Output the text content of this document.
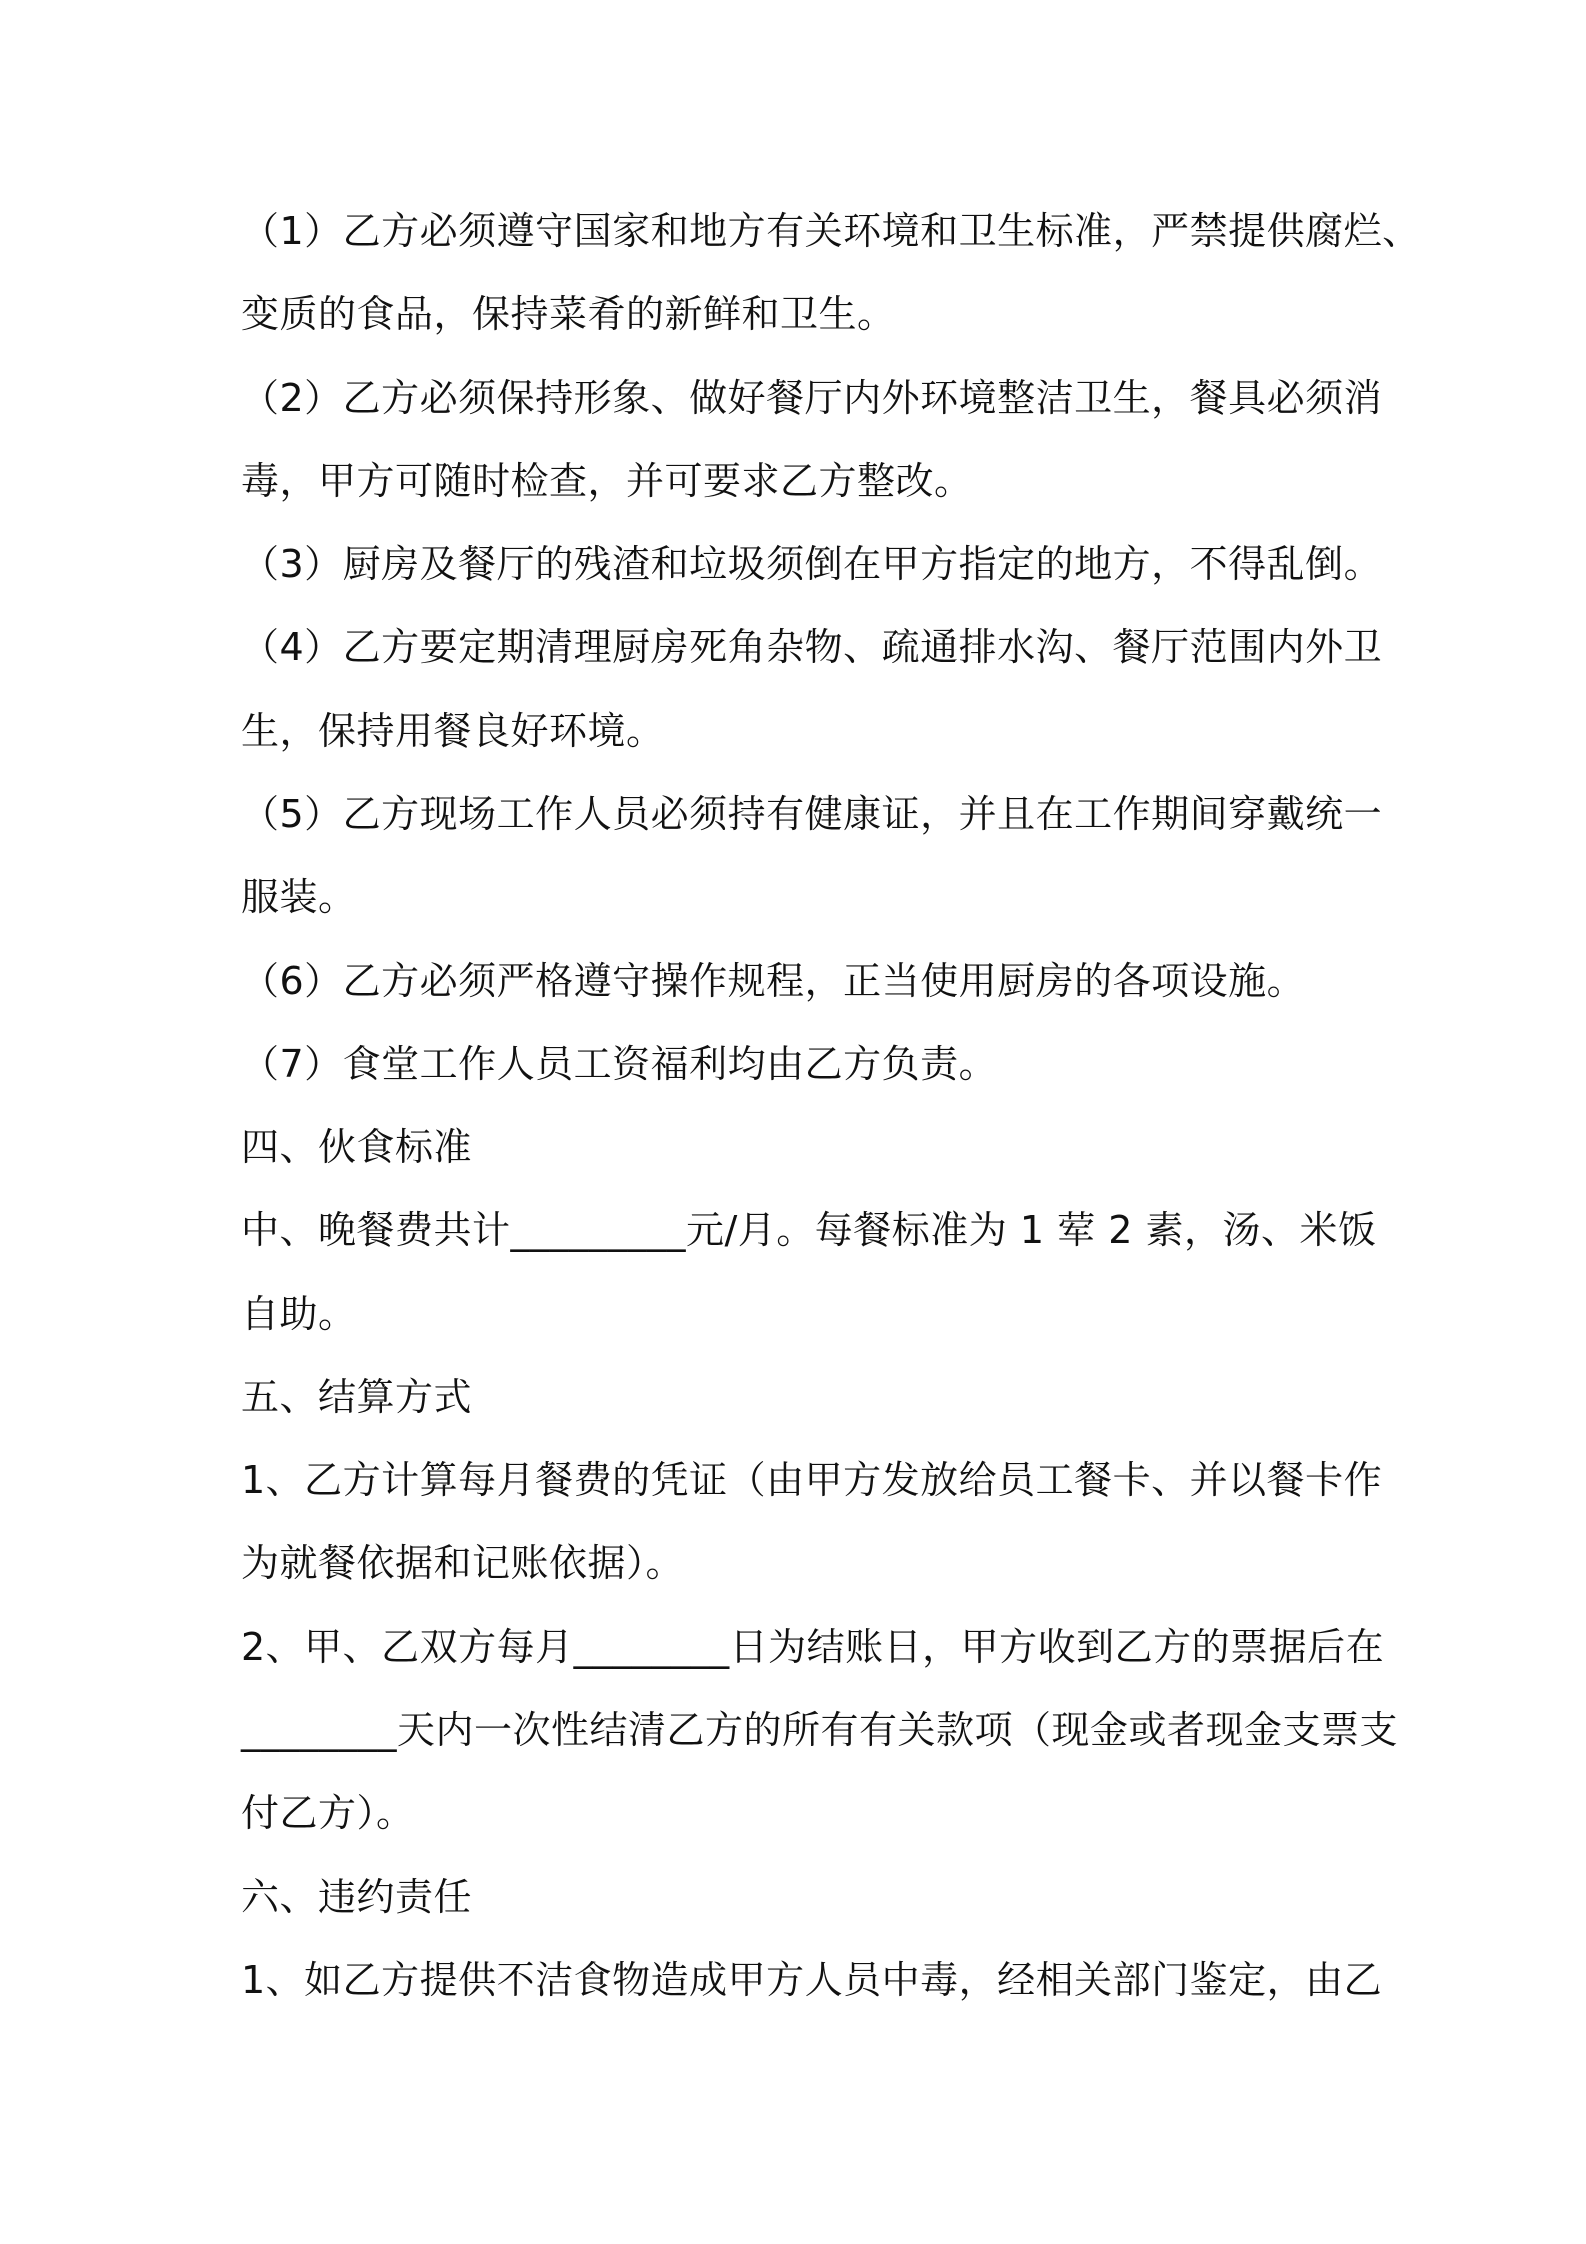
（1）乙方必须遵守国家和地方有关环境和卫生标准，严禁提供腐烂、
变质的食品，保持菜肴的新鲜和卫生。
（2）乙方必须保持形象、做好餐厅内外环境整洁卫生，餐具必须消
毒，甲方可随时检查，并可要求乙方整改。
（3）厨房及餐厅的残渣和垃圾须倒在甲方指定的地方，不得乱倒。
（4）乙方要定期清理厨房死角杂物、疏通排水沟、餐厅范围内外卫
生，保持用餐良好环境。
（5）乙方现场工作人员必须持有健康证，并且在工作期间穿戴统一
服装。
（6）乙方必须严格遵守操作规程，正当使用厨房的各项设施。
（7）食堂工作人员工资福利均由乙方负责。
四、伙食标准
中、晚餐费共计_________元/月。每餐标准为 1 荤 2 素，汤、米饭
自助。
五、结算方式
1、乙方计算每月餐费的凭证（由甲方发放给员工餐卡、并以餐卡作
为就餐依据和记账依据）。
2、甲、乙双方每月________日为结账日，甲方收到乙方的票据后在
________天内一次性结清乙方的所有有关款项（现金或者现金支票支
付乙方）。
六、违约责任
1、如乙方提供不洁食物造成甲方人员中毒，经相关部门鉴定，由乙
